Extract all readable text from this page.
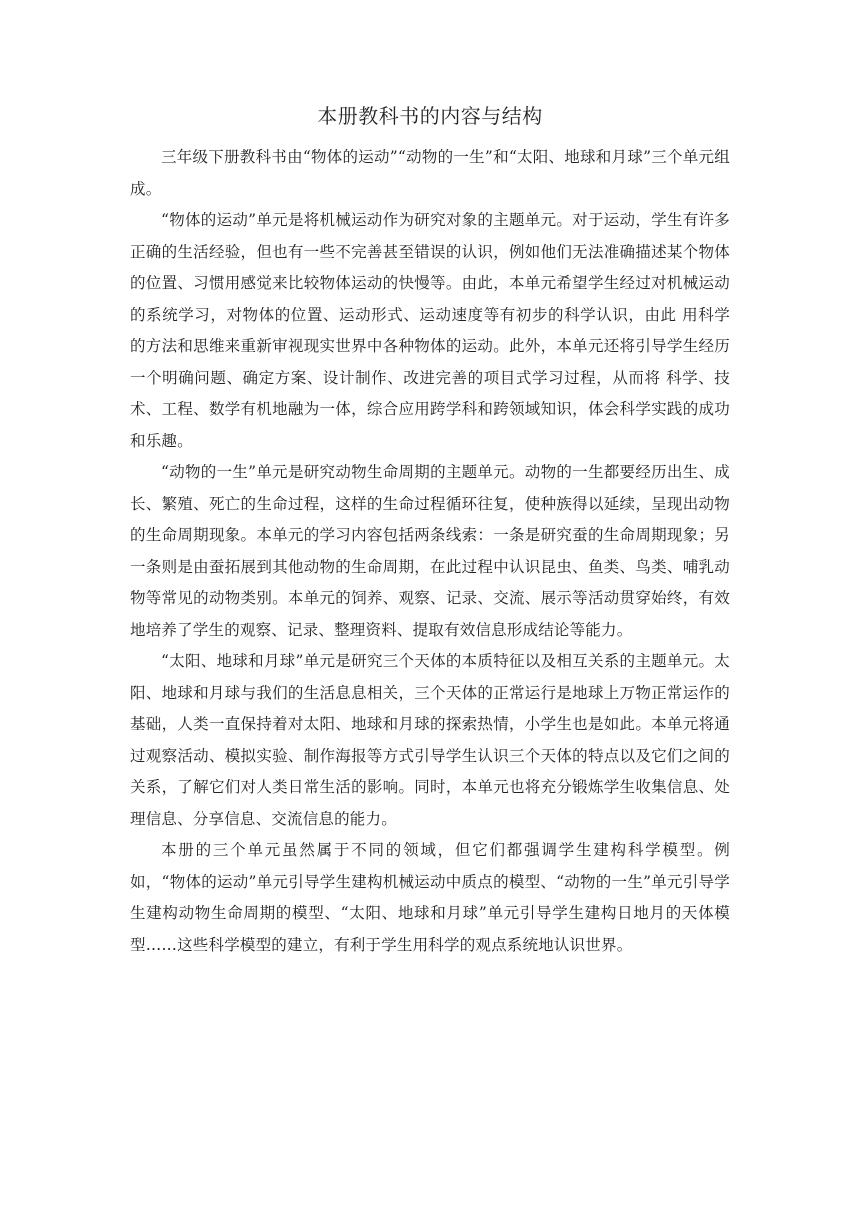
本册教科书的内容与结构

三年级下册教科书由“物体的运动”“动物的一生”和“太阳、地球和月球”三个单元组成。

“物体的运动”单元是将机械运动作为研究对象的主题单元。对于运动，学生有许多正确的生活经验，但也有一些不完善甚至错误的认识，例如他们无法准确描述某个物体的位置、习惯用感觉来比较物体运动的快慢等。由此，本单元希望学生经过对机械运动的系统学习，对物体的位置、运动形式、运动速度等有初步的科学认识，由此 用科学的方法和思维来重新审视现实世界中各种物体的运动。此外，本单元还将引导学生经历一个明确问题、确定方案、设计制作、改进完善的项目式学习过程，从而将 科学、技术、工程、数学有机地融为一体，综合应用跨学科和跨领域知识，体会科学实践的成功和乐趣。

“动物的一生”单元是研究动物生命周期的主题单元。动物的一生都要经历出生、成长、繁殖、死亡的生命过程，这样的生命过程循环往复，使种族得以延续，呈现出动物的生命周期现象。本单元的学习内容包括两条线索：一条是研究蚕的生命周期现象；另一条则是由蚕拓展到其他动物的生命周期，在此过程中认识昆虫、鱼类、鸟类、哺乳动物等常见的动物类别。本单元的饲养、观察、记录、交流、展示等活动贯穿始终，有效地培养了学生的观察、记录、整理资料、提取有效信息形成结论等能力。

“太阳、地球和月球”单元是研究三个天体的本质特征以及相互关系的主题单元。太阳、地球和月球与我们的生活息息相关，三个天体的正常运行是地球上万物正常运作的基础，人类一直保持着对太阳、地球和月球的探索热情，小学生也是如此。本单元将通过观察活动、模拟实验、制作海报等方式引导学生认识三个天体的特点以及它们之间的关系，了解它们对人类日常生活的影响。同时，本单元也将充分锻炼学生收集信息、处理信息、分享信息、交流信息的能力。

本册的三个单元虽然属于不同的领域，但它们都强调学生建构科学模型。例如，“物体的运动”单元引导学生建构机械运动中质点的模型、“动物的一生”单元引导学生建构动物生命周期的模型、“太阳、地球和月球”单元引导学生建构日地月的天体模 型……这些科学模型的建立，有利于学生用科学的观点系统地认识世界。
